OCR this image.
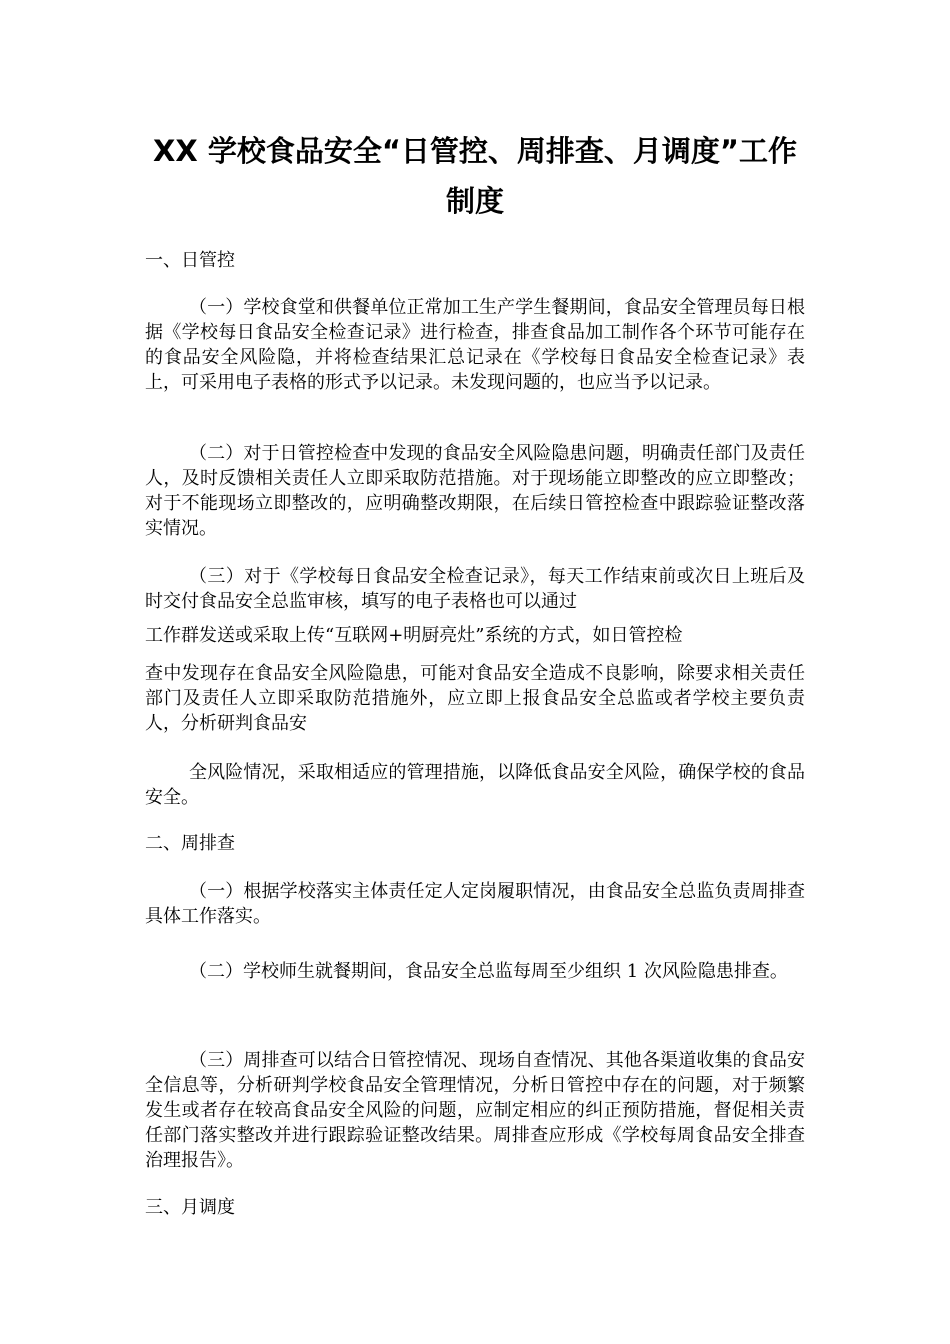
XX 学校食品安全“日管控、周排查、月调度”工作
制度
一、日管控
（一）学校食堂和供餐单位正常加工生产学生餐期间，食品安全管理员每日根据《学校每日食品安全检查记录》进行检查，排查食品加工制作各个环节可能存在的食品安全风险隐，并将检查结果汇总记录在《学校每日食品安全检查记录》表上，可采用电子表格的形式予以记录。未发现问题的，也应当予以记录。
（二）对于日管控检查中发现的食品安全风险隐患问题，明确责任部门及责任人，及时反馈相关责任人立即采取防范措施。对于现场能立即整改的应立即整改；对于不能现场立即整改的，应明确整改期限，在后续日管控检查中跟踪验证整改落实情况。
（三）对于《学校每日食品安全检查记录》，每天工作结束前或次日上班后及时交付食品安全总监审核，填写的电子表格也可以通过
工作群发送或采取上传“互联网+明厨亮灶”系统的方式，如日管控检
查中发现存在食品安全风险隐患，可能对食品安全造成不良影响，除要求相关责任部门及责任人立即采取防范措施外，应立即上报食品安全总监或者学校主要负责人，分析研判食品安
全风险情况，采取相适应的管理措施，以降低食品安全风险，确保学校的食品安全。
二、周排查
（一）根据学校落实主体责任定人定岗履职情况，由食品安全总监负责周排查具体工作落实。
（二）学校师生就餐期间，食品安全总监每周至少组织 1 次风险隐患排查。
（三）周排查可以结合日管控情况、现场自查情况、其他各渠道收集的食品安全信息等，分析研判学校食品安全管理情况，分析日管控中存在的问题，对于频繁发生或者存在较高食品安全风险的问题，应制定相应的纠正预防措施，督促相关责任部门落实整改并进行跟踪验证整改结果。周排查应形成《学校每周食品安全排查治理报告》。
三、月调度
